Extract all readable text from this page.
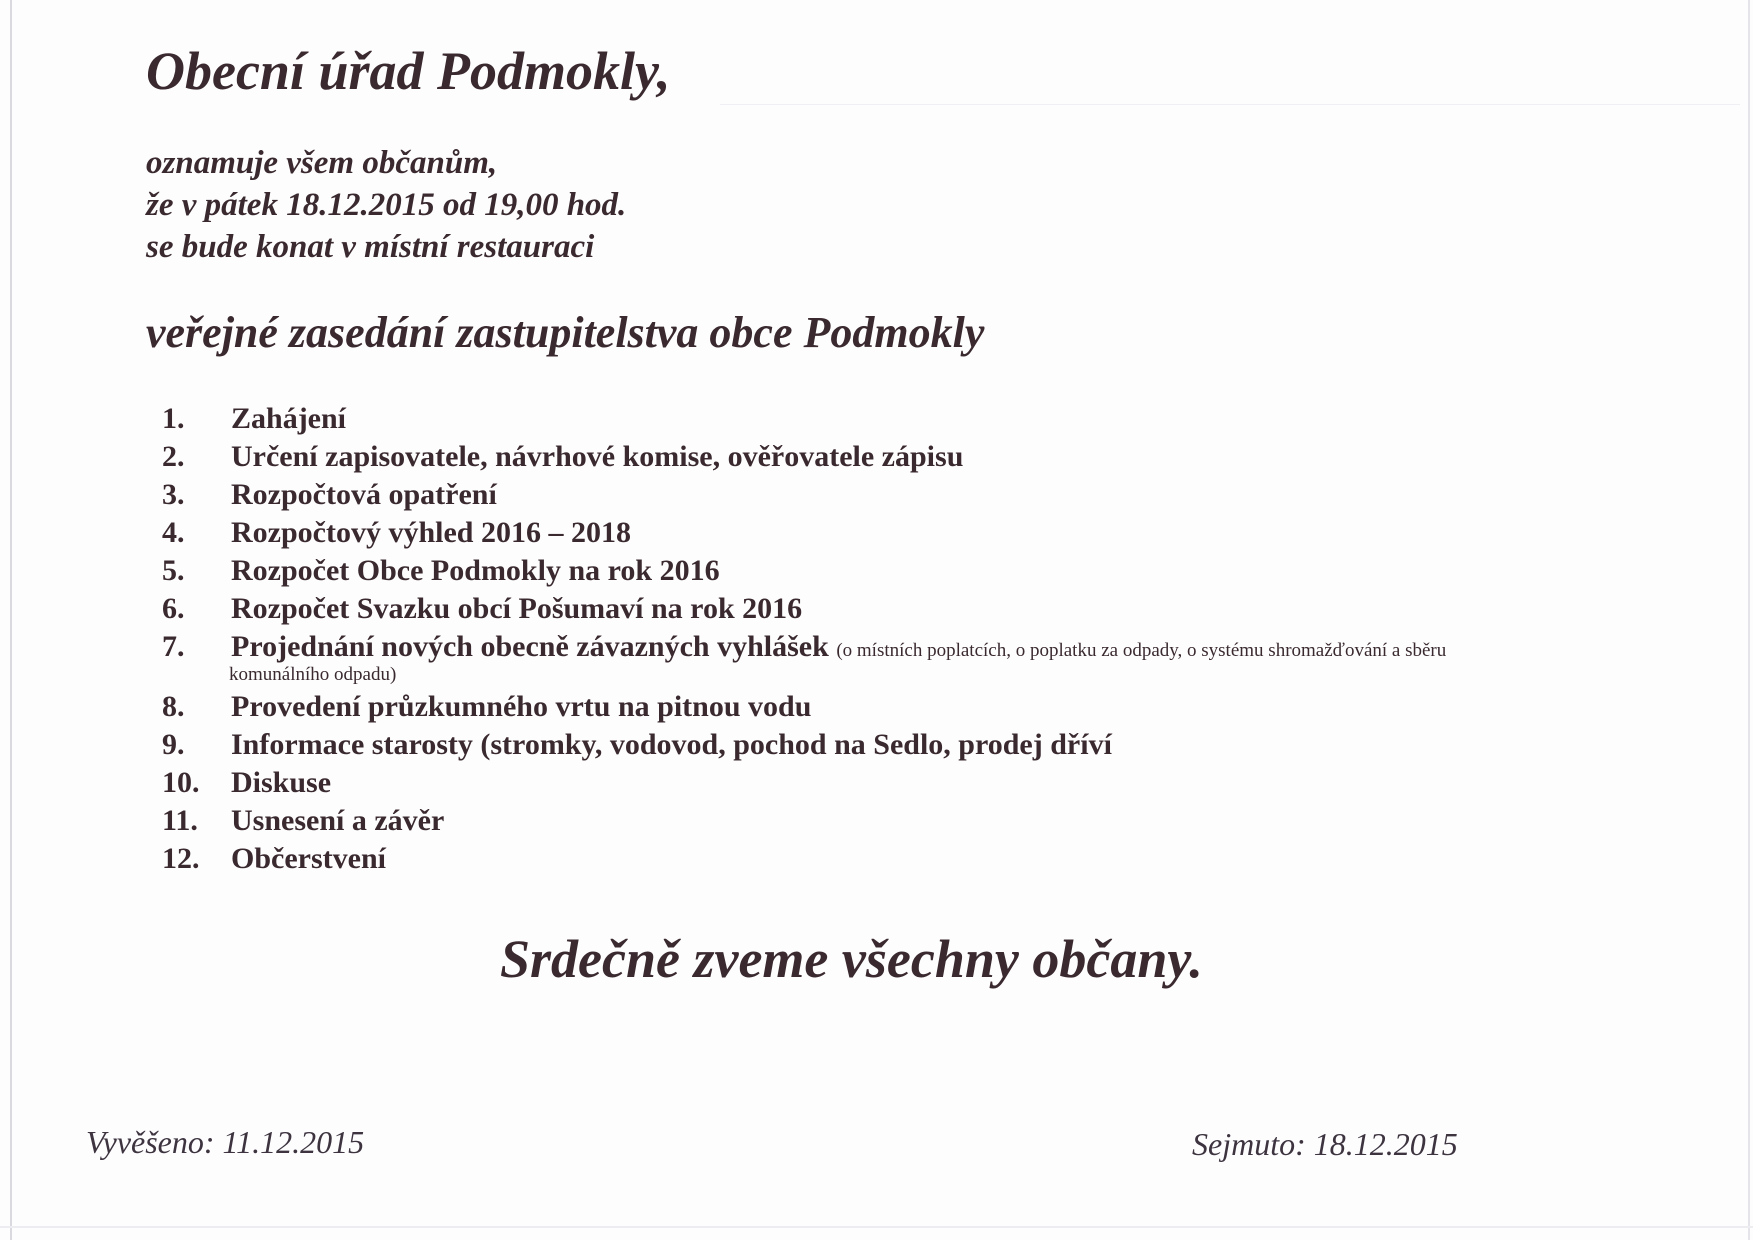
Obecní úřad Podmokly,
oznamuje všem občanům,
že v pátek 18.12.2015 od 19,00 hod.
se bude konat v místní restauraci
veřejné zasedání zastupitelstva obce Podmokly
1.	Zahájení
2.	Určení zapisovatele, návrhové komise, ověřovatele zápisu
3.	Rozpočtová opatření
4.	Rozpočtový výhled 2016 – 2018
5.	Rozpočet Obce Podmokly na rok 2016
6.	Rozpočet Svazku obcí Pošumaví na rok 2016
7.	Projednání nových obecně závazných vyhlášek (o místních poplatcích, o poplatku za odpady, o systému shromažďování a sběru
komunálního odpadu)
8.	Provedení průzkumného vrtu na pitnou vodu
9.	Informace starosty (stromky, vodovod, pochod na Sedlo, prodej dříví
10.	Diskuse
11.	Usnesení a závěr
12.	Občerstvení
Srdečně zveme všechny občany.
Vyvěšeno: 11.12.2015	Sejmuto: 18.12.2015
